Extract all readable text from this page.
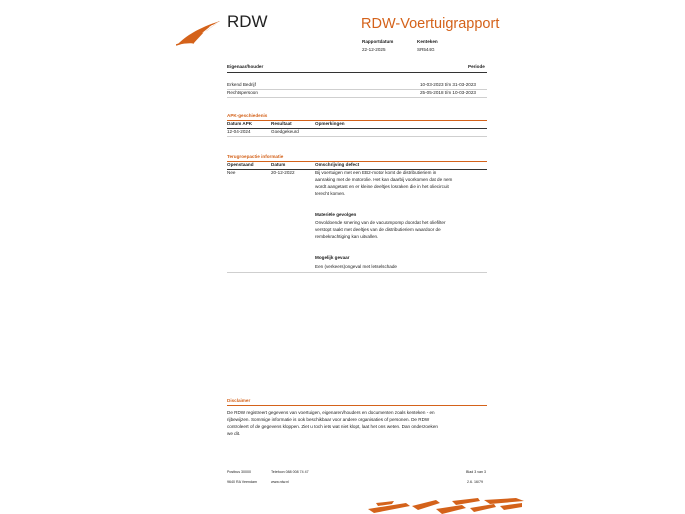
RDW	RDW-Voertuigrapport
Rapportdatum
22-12-2025
Kenteken
SR544G
Eigenaar/houder	Periode
Erkend Bedrijf	10-03-2023 t/m 31-03-2023
Rechtspersoon	25-05-2018 t/m 10-03-2023
APK-geschiedenis
Datum APK	Resultaat	Opmerkingen
12-04-2024	Goedgekeurd
Terugroepactie informatie
Openstaand	Datum	Omschrijving defect
Nee	20-12-2022	Bij voertuigen met een EB2-motor komt de distributieriem in
aanraking met de motorolie. Het kan daarbij voorkomen dat de nem
wordt aangetast en er kleine deeltjes losraken die in het oliecircuit
terecht komen.
Materiële gevolgen
Onvoldoende smering van de vacuümpomp doordat het oliefilter
verstopt raakt met deeltjes van de distributieriem waardoor de
rembekrachtiging kan uitvallen.
Mogelijk gevaar
Een (verkeers)ongeval met letselschade
Disclaimer
De RDW registreert gegevens van voertuigen, eigenaren/houders en documenten zoals kenteken - en
rijbewijzen. Sommige informatie is ook beschikbaar voor andere organisaties of personen. De RDW
controleert of de gegevens kloppen. Ziet u toch iets wat niet klopt, laat het ons weten. Dan onderzoeken
we dit.
Postbus 30000
9640 RA Veendam
Telefoon 088 008 74 47
www.rdw.nl
Blad 3 van 3
2.6. 16/79
